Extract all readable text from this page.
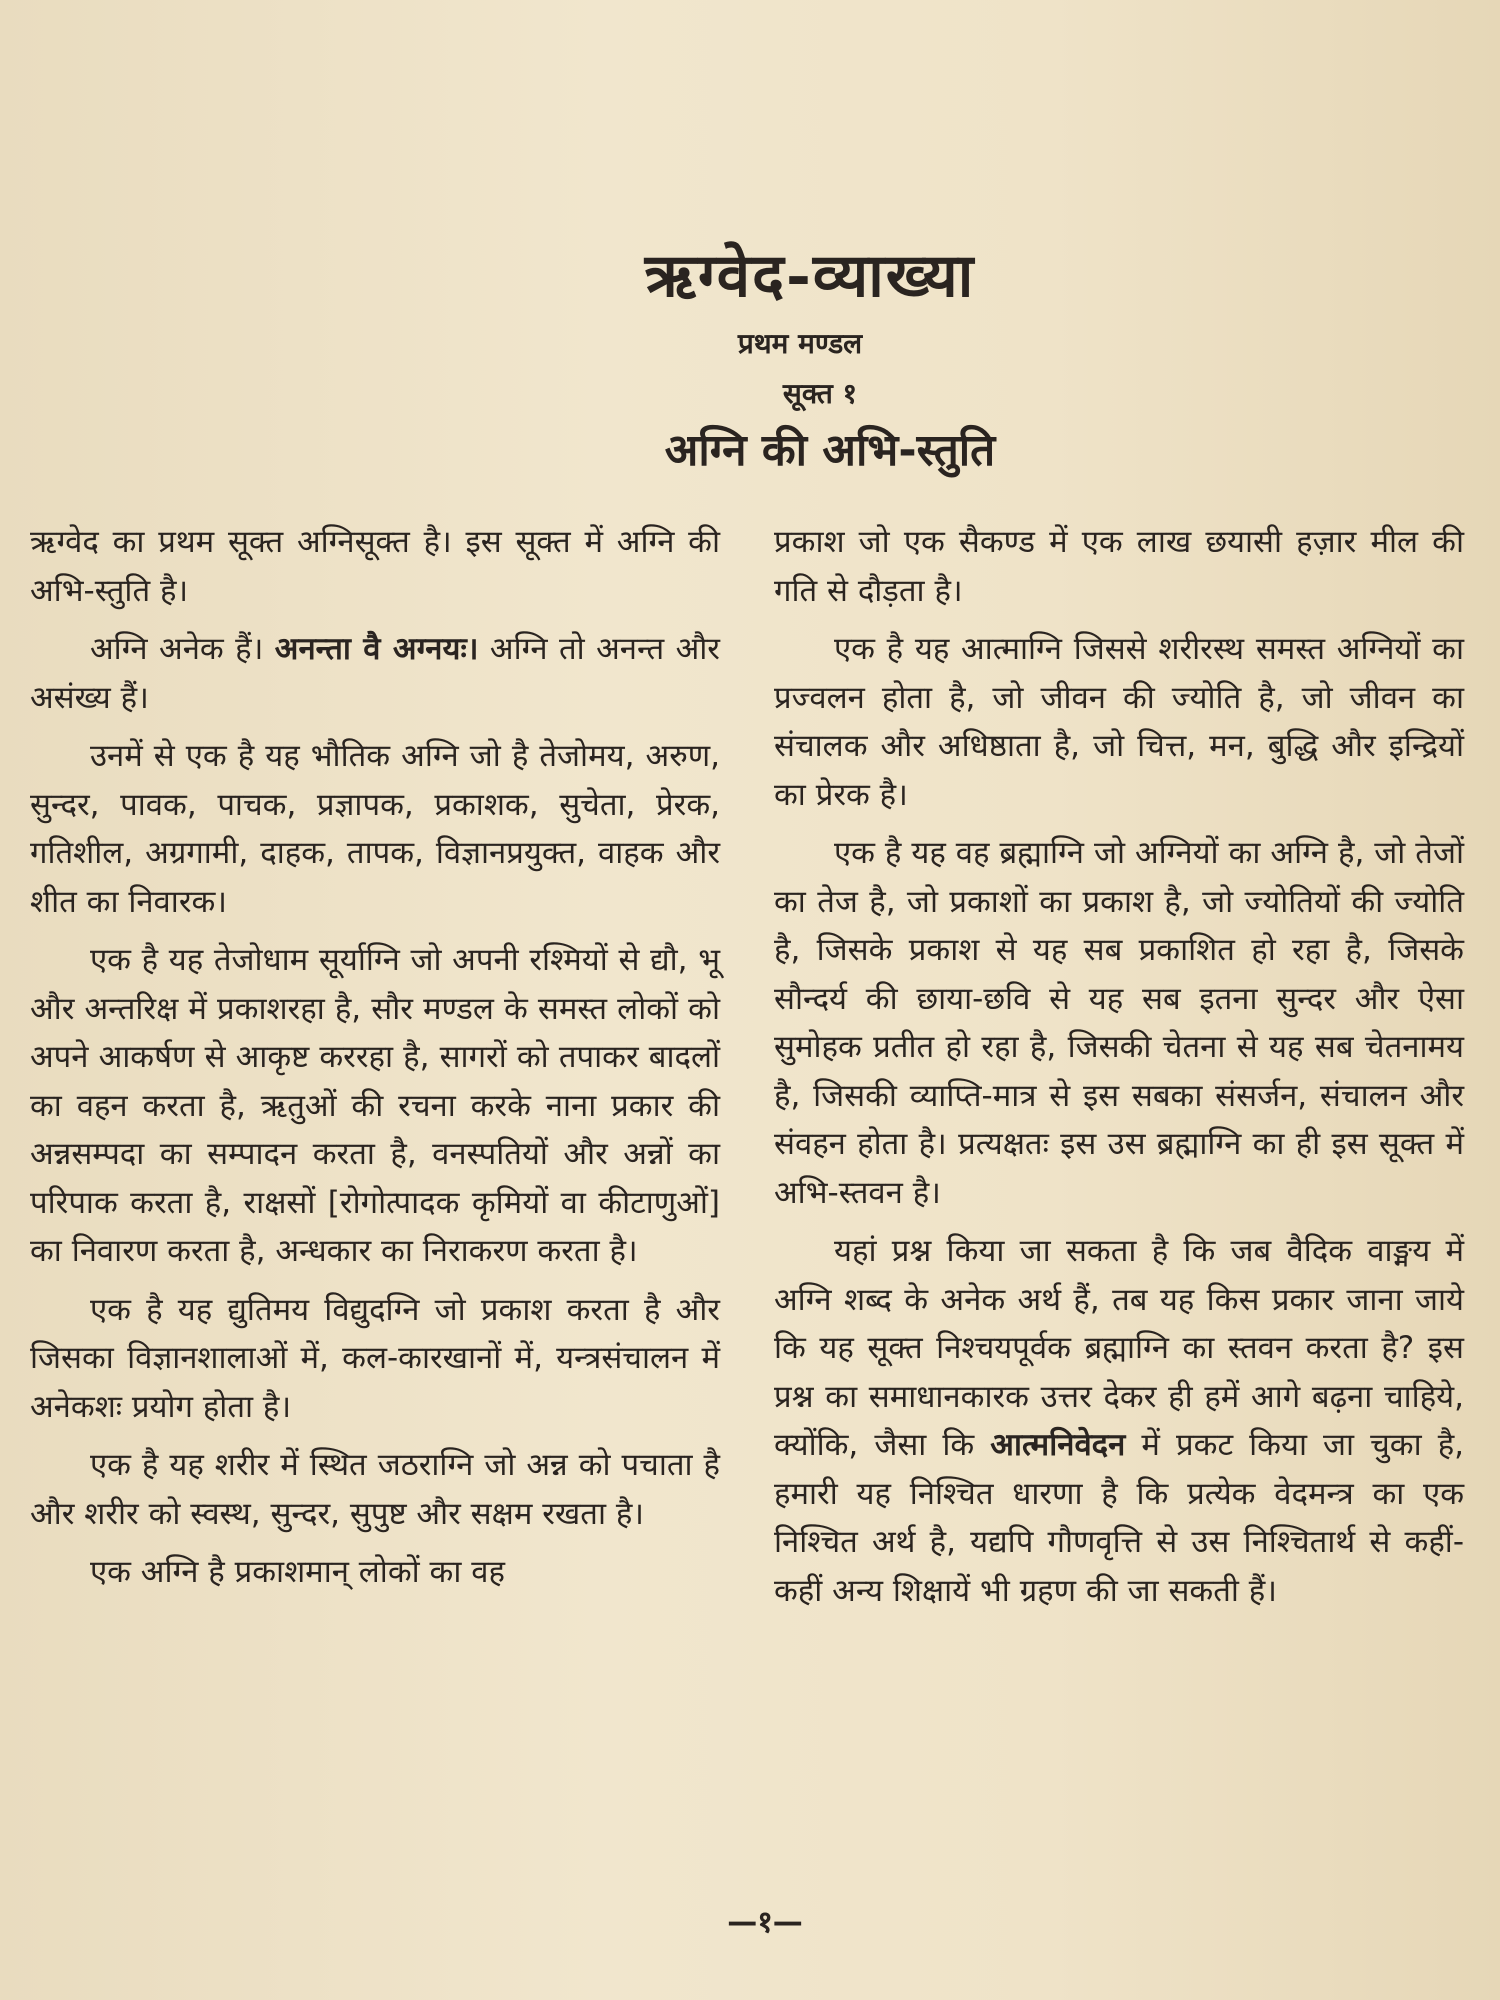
ऋग्वेद-व्याख्या
प्रथम मण्डल
सूक्त १
अग्नि की अभि-स्तुति

ऋग्वेद का प्रथम सूक्त अग्निसूक्त है। इस सूक्त में अग्नि की अभि-स्तुति है।

अग्नि अनेक हैं। अनन्ता वै अग्नयः। अग्नि तो अनन्त और असंख्य हैं।

उनमें से एक है यह भौतिक अग्नि जो है तेजोमय, अरुण, सुन्दर, पावक, पाचक, प्रज्ञापक, प्रकाशक, सुचेता, प्रेरक, गतिशील, अग्रगामी, दाहक, तापक, विज्ञानप्रयुक्त, वाहक और शीत का निवारक।

एक है यह तेजोधाम सूर्याग्नि जो अपनी रश्मियों से द्यौ, भू और अन्तरिक्ष में प्रकाशरहा है, सौर मण्डल के समस्त लोकों को अपने आकर्षण से आकृष्ट कररहा है, सागरों को तपाकर बादलों का वहन करता है, ऋतुओं की रचना करके नाना प्रकार की अन्नसम्पदा का सम्पादन करता है, वनस्पतियों और अन्नों का परिपाक करता है, राक्षसों [रोगोत्पादक कृमियों वा कीटाणुओं] का निवारण करता है, अन्धकार का निराकरण करता है।

एक है यह द्युतिमय विद्युदग्नि जो प्रकाश करता है और जिसका विज्ञानशालाओं में, कल-कारखानों में, यन्त्रसंचालन में अनेकशः प्रयोग होता है।

एक है यह शरीर में स्थित जठराग्नि जो अन्न को पचाता है और शरीर को स्वस्थ, सुन्दर, सुपुष्ट और सक्षम रखता है।

एक अग्नि है प्रकाशमान् लोकों का वह

प्रकाश जो एक सैकण्ड में एक लाख छयासी हज़ार मील की गति से दौड़ता है।

एक है यह आत्माग्नि जिससे शरीरस्थ समस्त अग्नियों का प्रज्वलन होता है, जो जीवन की ज्योति है, जो जीवन का संचालक और अधिष्ठाता है, जो चित्त, मन, बुद्धि और इन्द्रियों का प्रेरक है।

एक है यह वह ब्रह्माग्नि जो अग्नियों का अग्नि है, जो तेजों का तेज है, जो प्रकाशों का प्रकाश है, जो ज्योतियों की ज्योति है, जिसके प्रकाश से यह सब प्रकाशित हो रहा है, जिसके सौन्दर्य की छाया-छवि से यह सब इतना सुन्दर और ऐसा सुमोहक प्रतीत हो रहा है, जिसकी चेतना से यह सब चेतनामय है, जिसकी व्याप्ति-मात्र से इस सबका संसर्जन, संचालन और संवहन होता है। प्रत्यक्षतः इस उस ब्रह्माग्नि का ही इस सूक्त में अभि-स्तवन है।

यहां प्रश्न किया जा सकता है कि जब वैदिक वाङ्मय में अग्नि शब्द के अनेक अर्थ हैं, तब यह किस प्रकार जाना जाये कि यह सूक्त निश्चयपूर्वक ब्रह्माग्नि का स्तवन करता है? इस प्रश्न का समाधानकारक उत्तर देकर ही हमें आगे बढ़ना चाहिये, क्योंकि, जैसा कि आत्मनिवेदन में प्रकट किया जा चुका है, हमारी यह निश्चित धारणा है कि प्रत्येक वेदमन्त्र का एक निश्चित अर्थ है, यद्यपि गौणवृत्ति से उस निश्चितार्थ से कहीं-कहीं अन्य शिक्षायें भी ग्रहण की जा सकती हैं।

—१—
